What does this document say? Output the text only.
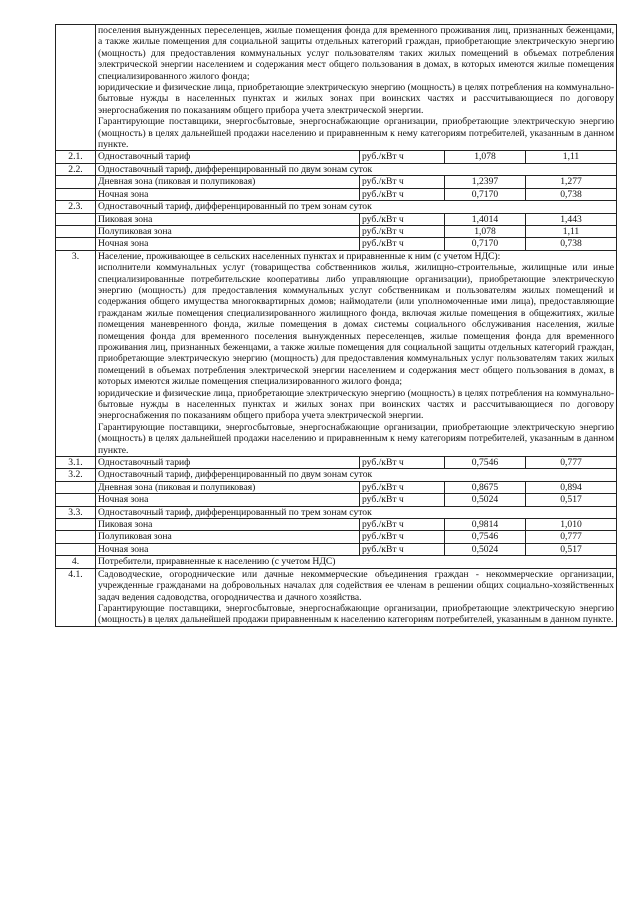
	поселения вынужденных переселенцев, жилые помещения фонда для временного проживания лиц, признанных беженцами, а также жилые помещения для социальной защиты отдельных категорий граждан, приобретающие электрическую энергию (мощность) для предоставления коммунальных услуг пользователям таких жилых помещений в объемах потребления электрической энергии населением и содержания мест общего пользования в домах, в которых имеются жилые помещения специализированного жилого фонда;

юридические и физические лица, приобретающие электрическую энергию (мощность) в целях потребления на коммунально-бытовые нужды в населенных пунктах и жилых зонах при воинских частях и рассчитывающиеся по договору энергоснабжения по показаниям общего прибора учета электрической энергии.

Гарантирующие поставщики, энергосбытовые, энергоснабжающие организации, приобретающие электрическую энергию (мощность) в целях дальнейшей продажи населению и приравненным к нему категориям потребителей, указанным в данном пункте.			

2.1.	Одноставочный тариф	руб./кВт ч	1,078	1,11
2.2.	Одноставочный тариф, дифференцированный по двум зонам суток			
	Дневная зона (пиковая и полупиковая)	руб./кВт ч	1,2397	1,277
	Ночная зона	руб./кВт ч	0,7170	0,738
2.3.	Одноставочный тариф, дифференцированный по трем зонам суток			
	Пиковая зона	руб./кВт ч	1,4014	1,443
	Полупиковая зона	руб./кВт ч	1,078	1,11
	Ночная зона	руб./кВт ч	0,7170	0,738
3.	Население, проживающее в сельских населенных пунктах и приравненные к ним (с учетом НДС):

исполнители коммунальных услуг (товарищества собственников жилья, жилищно-строительные, жилищные или иные специализированные потребительские кооперативы либо управляющие организации), приобретающие электрическую энергию (мощность) для предоставления коммунальных услуг собственникам и пользователям жилых помещений и содержания общего имущества многоквартирных домов; наймодатели (или уполномоченные ими лица), предоставляющие гражданам жилые помещения специализированного жилищного фонда, включая жилые помещения в общежитиях, жилые помещения маневренного фонда, жилые помещения в домах системы социального обслуживания населения, жилые помещения фонда для временного поселения вынужденных переселенцев, жилые помещения фонда для временного проживания лиц, признанных беженцами, а также жилые помещения для социальной защиты отдельных категорий граждан, приобретающие электрическую энергию (мощность) для предоставления коммунальных услуг пользователям таких жилых помещений в объемах потребления электрической энергии населением и содержания мест общего пользования в домах, в которых имеются жилые помещения специализированного жилого фонда;

юридические и физические лица, приобретающие электрическую энергию (мощность) в целях потребления на коммунально-бытовые нужды в населенных пунктах и жилых зонах при воинских частях и рассчитывающиеся по договору энергоснабжения по показаниям общего прибора учета электрической энергии.

Гарантирующие поставщики, энергосбытовые, энергоснабжающие организации, приобретающие электрическую энергию (мощность) в целях дальнейшей продажи населению и приравненным к нему категориям потребителей, указанным в данном пункте.			

3.1.	Одноставочный тариф	руб./кВт ч	0,7546	0,777
3.2.	Одноставочный тариф, дифференцированный по двум зонам суток			
	Дневная зона (пиковая и полупиковая)	руб./кВт ч	0,8675	0,894
	Ночная зона	руб./кВт ч	0,5024	0,517
3.3.	Одноставочный тариф, дифференцированный по трем зонам суток			
	Пиковая зона	руб./кВт ч	0,9814	1,010
	Полупиковая зона	руб./кВт ч	0,7546	0,777
	Ночная зона	руб./кВт ч	0,5024	0,517
4.	Потребители, приравненные к населению (с учетом НДС)			
4.1.	Садоводческие, огороднические или дачные некоммерческие объединения граждан - некоммерческие организации, учрежденные гражданами на добровольных началах для содействия ее членам в решении общих социально-хозяйственных задач ведения садоводства, огородничества и дачного хозяйства.

Гарантирующие поставщики, энергосбытовые, энергоснабжающие организации, приобретающие электрическую энергию (мощность) в целях дальнейшей продажи приравненным к населению категориям потребителей, указанным в данном пункте.			
